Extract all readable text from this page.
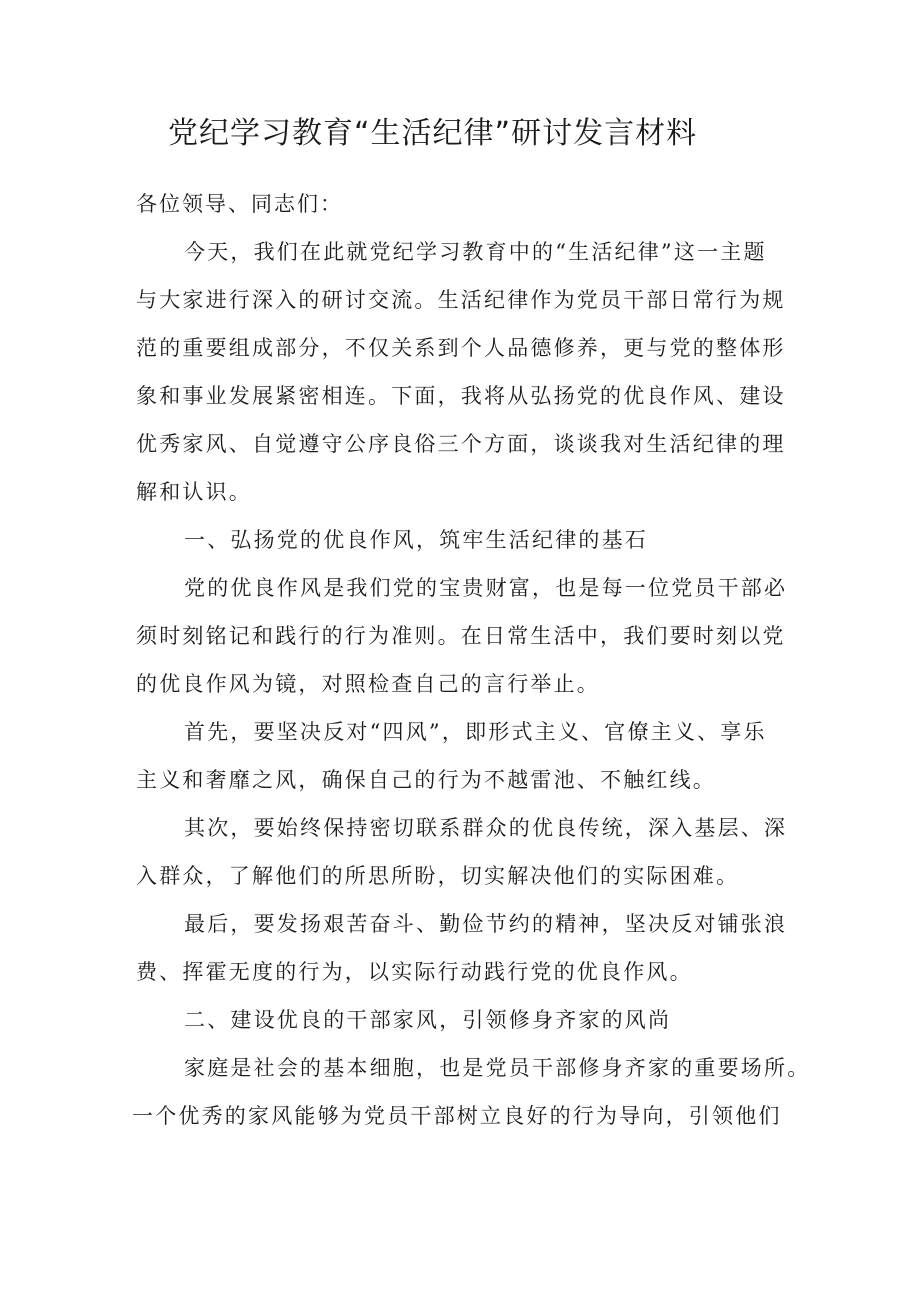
党纪学习教育“生活纪律”研讨发言材料

各位领导、同志们：

今天，我们在此就党纪学习教育中的“生活纪律”这一主题
与大家进行深入的研讨交流。生活纪律作为党员干部日常行为规
范的重要组成部分，不仅关系到个人品德修养，更与党的整体形
象和事业发展紧密相连。下面，我将从弘扬党的优良作风、建设
优秀家风、自觉遵守公序良俗三个方面，谈谈我对生活纪律的理
解和认识。
一、弘扬党的优良作风，筑牢生活纪律的基石
党的优良作风是我们党的宝贵财富，也是每一位党员干部必
须时刻铭记和践行的行为准则。在日常生活中，我们要时刻以党
的优良作风为镜，对照检查自己的言行举止。
首先，要坚决反对“四风”，即形式主义、官僚主义、享乐
主义和奢靡之风，确保自己的行为不越雷池、不触红线。
其次，要始终保持密切联系群众的优良传统，深入基层、深
入群众，了解他们的所思所盼，切实解决他们的实际困难。
最后，要发扬艰苦奋斗、勤俭节约的精神，坚决反对铺张浪
费、挥霍无度的行为，以实际行动践行党的优良作风。
二、建设优良的干部家风，引领修身齐家的风尚
家庭是社会的基本细胞，也是党员干部修身齐家的重要场所。
一个优秀的家风能够为党员干部树立良好的行为导向，引领他们
